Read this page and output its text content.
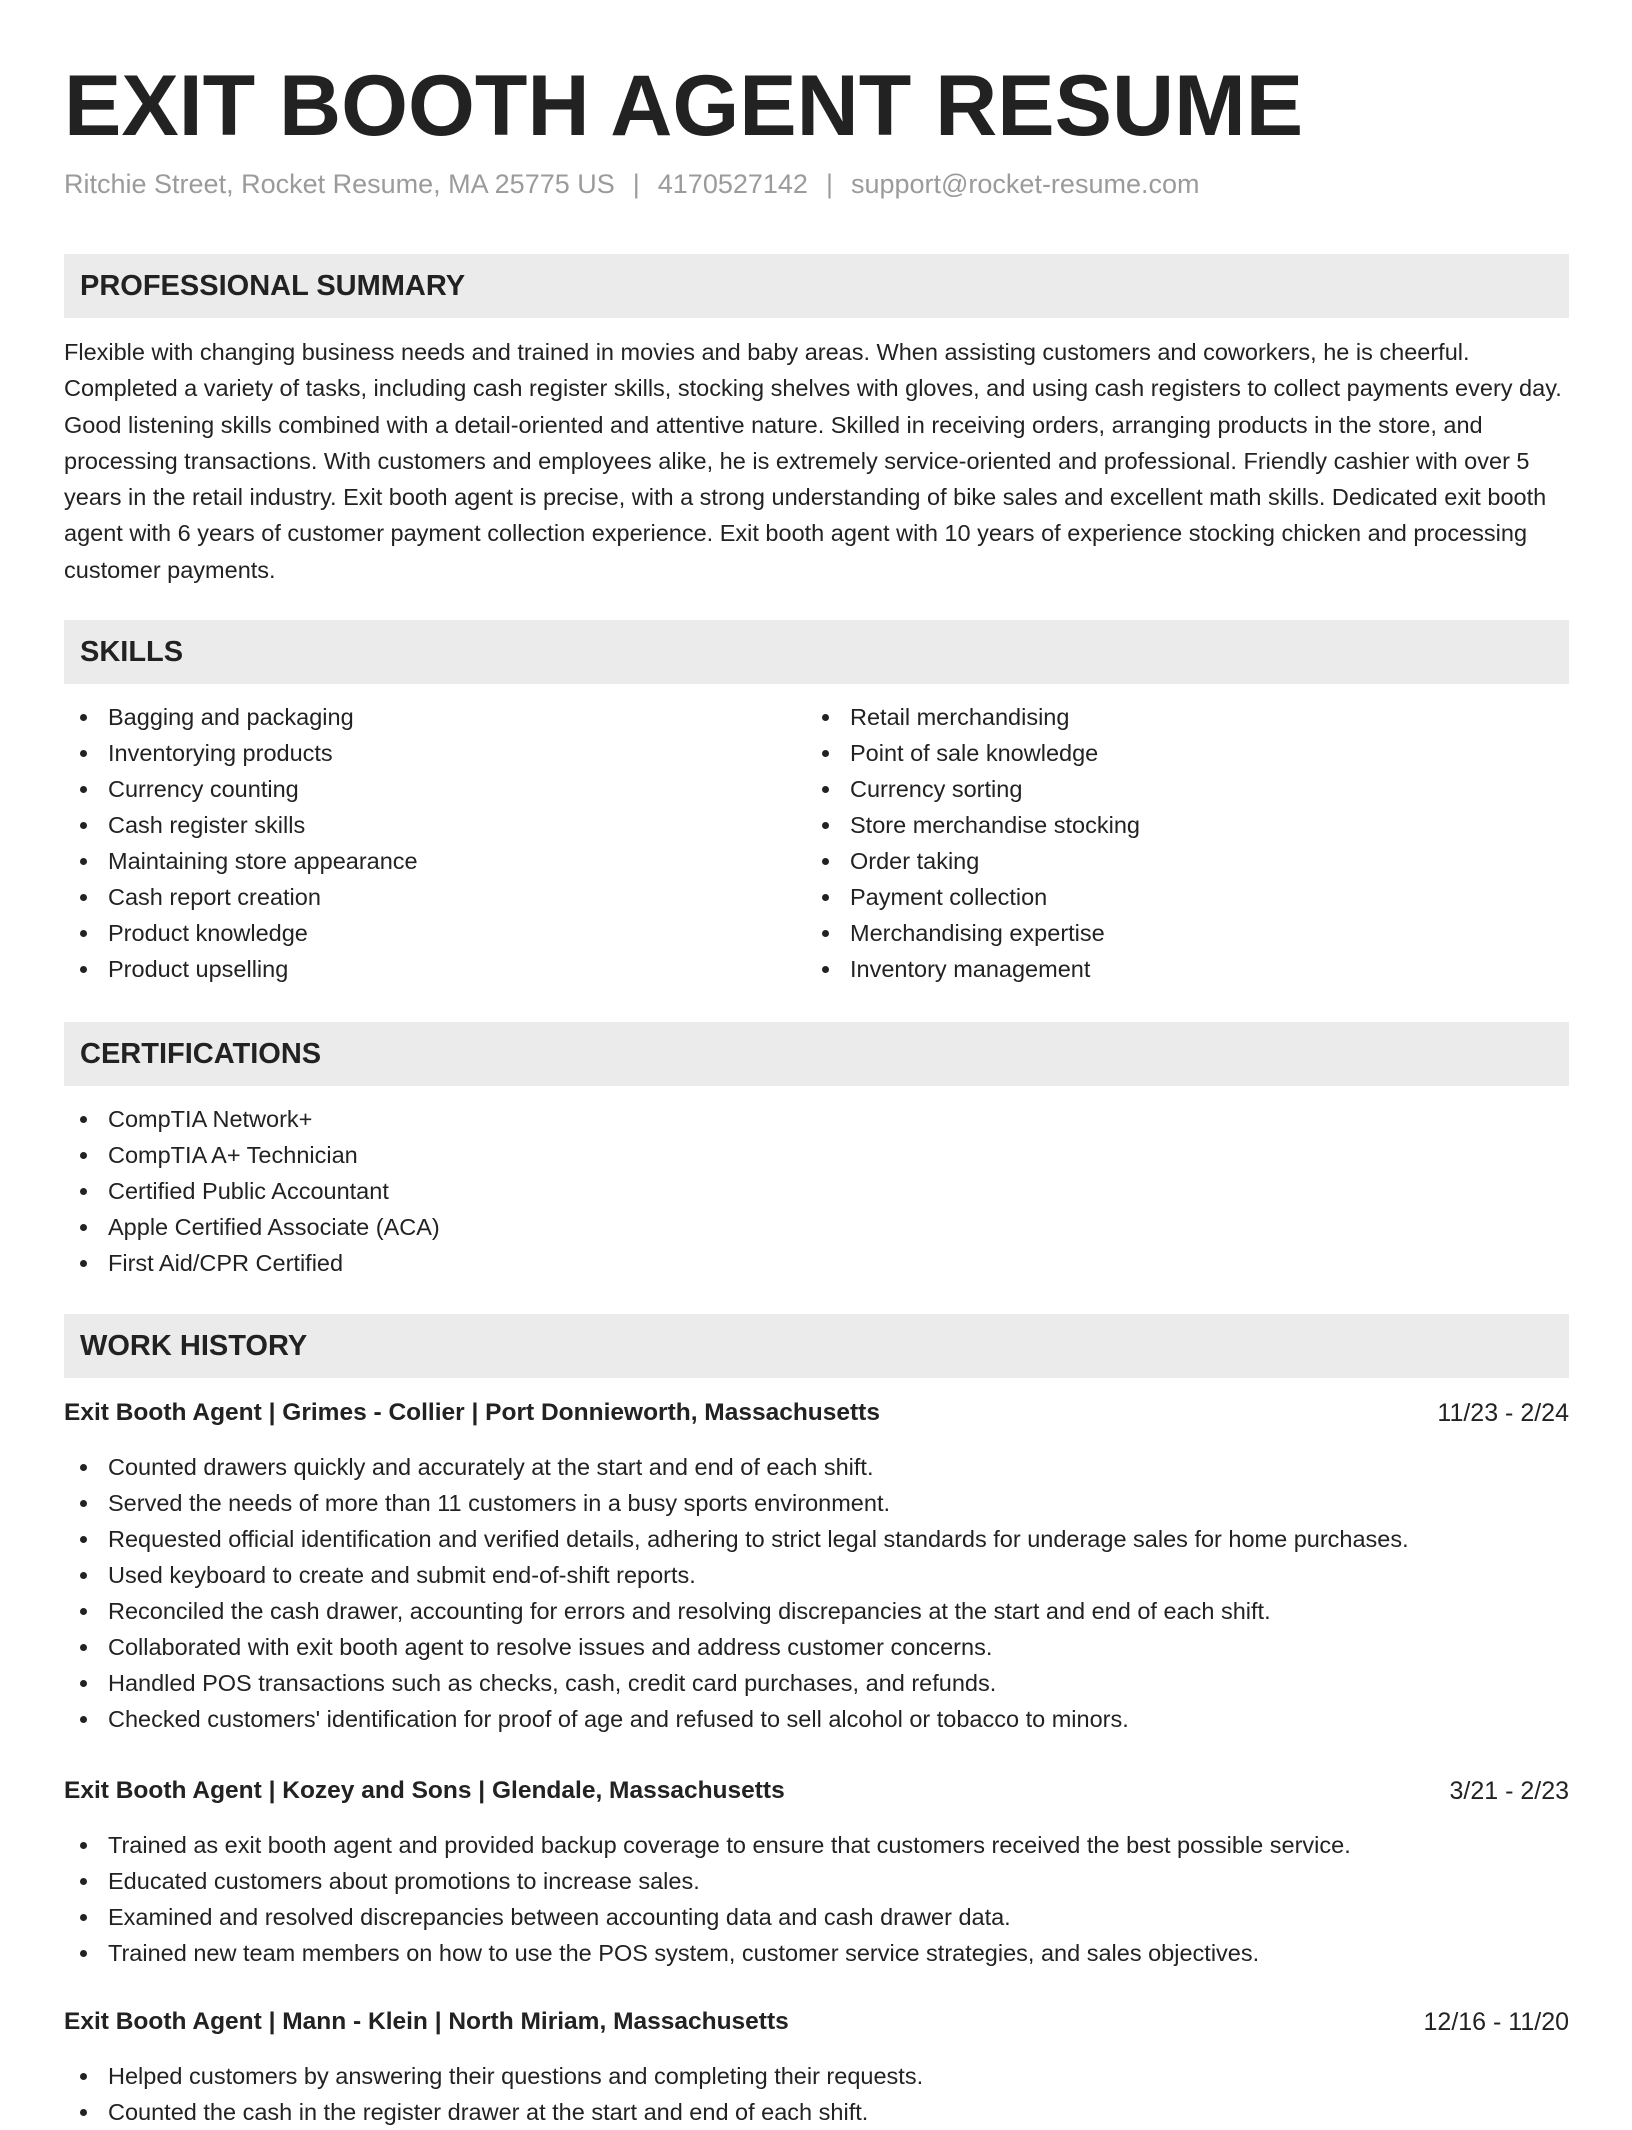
EXIT BOOTH AGENT RESUME
Ritchie Street, Rocket Resume, MA 25775 US | 4170527142 | support@rocket-resume.com
PROFESSIONAL SUMMARY

Flexible with changing business needs and trained in movies and baby areas. When assisting customers and coworkers, he is cheerful. Completed a variety of tasks, including cash register skills, stocking shelves with gloves, and using cash registers to collect payments every day. Good listening skills combined with a detail-oriented and attentive nature. Skilled in receiving orders, arranging products in the store, and processing transactions. With customers and employees alike, he is extremely service-oriented and professional. Friendly cashier with over 5 years in the retail industry. Exit booth agent is precise, with a strong understanding of bike sales and excellent math skills. Dedicated exit booth agent with 6 years of customer payment collection experience. Exit booth agent with 10 years of experience stocking chicken and processing customer payments.

SKILLS
Bagging and packaging
Inventorying products
Currency counting
Cash register skills
Maintaining store appearance
Cash report creation
Product knowledge
Product upselling
Retail merchandising
Point of sale knowledge
Currency sorting
Store merchandise stocking
Order taking
Payment collection
Merchandising expertise
Inventory management
CERTIFICATIONS
CompTIA Network+
CompTIA A+ Technician
Certified Public Accountant
Apple Certified Associate (ACA)
First Aid/CPR Certified
WORK HISTORY
Exit Booth Agent | Grimes - Collier | Port Donnieworth, Massachusetts	11/23 - 2/24
Counted drawers quickly and accurately at the start and end of each shift.
Served the needs of more than 11 customers in a busy sports environment.
Requested official identification and verified details, adhering to strict legal standards for underage sales for home purchases.
Used keyboard to create and submit end-of-shift reports.
Reconciled the cash drawer, accounting for errors and resolving discrepancies at the start and end of each shift.
Collaborated with exit booth agent to resolve issues and address customer concerns.
Handled POS transactions such as checks, cash, credit card purchases, and refunds.
Checked customers' identification for proof of age and refused to sell alcohol or tobacco to minors.
Exit Booth Agent | Kozey and Sons | Glendale, Massachusetts	3/21 - 2/23
Trained as exit booth agent and provided backup coverage to ensure that customers received the best possible service.
Educated customers about promotions to increase sales.
Examined and resolved discrepancies between accounting data and cash drawer data.
Trained new team members on how to use the POS system, customer service strategies, and sales objectives.
Exit Booth Agent | Mann - Klein | North Miriam, Massachusetts	12/16 - 11/20
Helped customers by answering their questions and completing their requests.
Counted the cash in the register drawer at the start and end of each shift.
